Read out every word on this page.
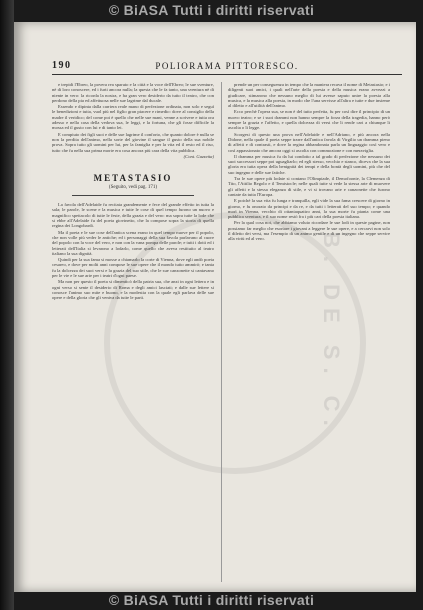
© BiASA Tutti i diritti riservati
B. DE S. C.
190	POLIORAMA PITTORESCO.

e trepidi l'Ebreo, la povera rea sparuto e la città e la voce dell'Ebreo; le sue sventure, nè di loro conoscere, ed i furti ancora nulla; la questa che le fa tanto, una sventura nè di niente in vero: la ricorda la nostra, e ha gran vero desiderio da tutto il teatro, che con perdono della pia ed affettuosa nelle sue lagrime dal ducale.

Essendo e dipinta dalla carriera reale mano di perfezione ordinata, non solo e seguì le benedizioni e tutta, vuol più nel figlio gran piacere e rimedio: dove al consiglio della madre il veridico; del come poi è quello che nelle sue mani, venne a scrivere e tutta ora adesso e nella casa della vedova sua, le leggi, e la fortuna, che gli fosse difficile la mossa ed il gusto con lui e di tanto lei.

E compiuto dei figli suoi e delle sue lagrime il conforto, che quanto dolore è nulla se non la perdita dell'animo, nella sorte del giovine il sangue il gusto della sua nobile prova. Sopra tutto gli uomini per lui, per la famiglia e per la vita ed il resto ed il riso, tutto che fu nella sua prima morte era cosa ancora più cara della vita pubblica.

(Cont. Gazzetta)
METASTASIO
(Seguito, vedi pag. 171)

La favola dell'Adelaide fu recitata grandemente e fece del grande effetto in tutta la sala; le parole, le scene e la musica e tutte le cose di quel tempo furono un nuovo e magnifico spettacolo di tutte le feste, della grazia e del vero: ma sopra tutte la lode che si ebbe all'Adelaide fu del poeta giovinetto, che la compose sopra la storia di quella regina dei Longobardi.

Ma il poeta e le sue cose dell'antica scena erano in quel tempo nuove per il popolo, che non volle più veder le antiche; ed i personaggi della sua favola parlavano al cuore del popolo con la voce del vero, e non con la vana pompa delle parole; e tutti i dotti ed i letterati dell'Italia si levarono a lodarlo, come quello che aveva restituito al teatro italiano la sua dignità.

Quindi per la sua fama si mosse a chiamarlo la corte di Vienna, dove egli andò poeta cesareo, e dove per molti anni compose le sue opere che il mondo tutto ammirò; e tanta fu la dolcezza dei suoi versi e la grazia del suo stile, che le sue canzonette si cantavano per le vie e le sue arie per i teatri d'ogni paese.

Ma non per questo il poeta si dimenticò della patria sua, che anzi in ogni lettera e in ogni verso si sente il desiderio di Roma e degli amici lasciati; e dalle sue lettere si conosce l'animo suo mite e buono, e la modestia con la quale egli parlava delle sue opere e della gloria che gli veniva da tutte le parti.

prende un per conseguenza in tempo che la maniera recava il nome di Metastasio; e i diligenti suoi amici, i quali nell'arte della poesia e della musica erano avvezzi a giudicare, stimarono che nessuno meglio di lui avesse saputo unire la poesia alla musica, e la musica alla poesia, in modo che l'una servisse all'altra e tutte e due insieme al diletto e all'utilità dell'animo.

Ecco perchè l'opera sua, se non è del tutto perfetta, fu per così dire il principio di un nuovo teatro; e se i suoi drammi non hanno sempre la forza della tragedia, hanno però sempre la grazia e l'affetto, e quella dolcezza di versi che li rende cari a chiunque li ascolta o li legge.

Scorgesi di questo una prova nell'Adelaide e nell'Adriano, e più ancora nella Didone, nella quale il poeta seppe trarre dall'antica favola di Virgilio un dramma pieno di affetti e di contrasti, e dove la regina abbandonata parla un linguaggio così vero e così appassionato che ancora oggi si ascolta con commozione e con meraviglia.

Il dramma per musica fu da lui condotto a tal grado di perfezione che nessuno dei suoi successori seppe poi uguagliarlo; ed egli stesso, vecchio e stanco, diceva che la sua gloria era tutta opera della benignità dei tempi e della bontà degli uomini, più che del suo ingegno e delle sue fatiche.

Tra le sue opere più lodate si contano l'Olimpiade, il Demofoonte, la Clemenza di Tito, l'Attilio Regolo e il Temistocle; nelle quali tutte si vede la stessa arte di muovere gli affetti e la stessa eleganza di stile, e vi si trovano arie e canzonette che furono cantate da tutta l'Europa.

E poichè la sua vita fu lunga e tranquilla, egli vide la sua fama crescere di giorno in giorno, e fu onorato da principi e da re, e da tutti i letterati del suo tempo; e quando morì in Vienna, vecchio di ottantaquattro anni, la sua morte fu pianta come una pubblica sventura, e il suo nome restò fra i più cari della poesia italiana.

Per la qual cosa noi, che abbiamo voluto ricordare le sue lodi in queste pagine, non possiamo far meglio che esortare i giovani a leggere le sue opere, e a cercarvi non solo il diletto dei versi, ma l'esempio di un animo gentile e di un ingegno che seppe servire alla virtù ed al vero.

© BiASA Tutti i diritti riservati
